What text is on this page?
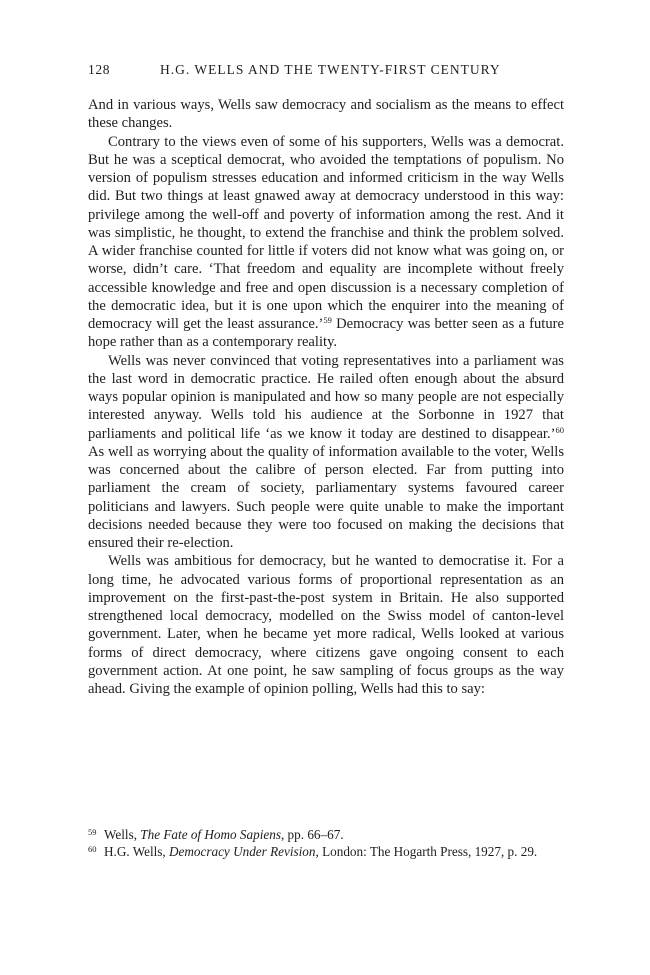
128	H.G. WELLS AND THE TWENTY-FIRST CENTURY

And in various ways, Wells saw democracy and socialism as the means to effect these changes.

Contrary to the views even of some of his supporters, Wells was a democrat. But he was a sceptical democrat, who avoided the temptations of populism. No version of populism stresses education and informed criticism in the way Wells did. But two things at least gnawed away at democracy understood in this way: privilege among the well-off and poverty of information among the rest. And it was simplistic, he thought, to extend the franchise and think the problem solved. A wider franchise counted for little if voters did not know what was going on, or worse, didn’t care. ‘That freedom and equality are incomplete without freely accessible knowledge and free and open discussion is a necessary completion of the democratic idea, but it is one upon which the enquirer into the meaning of democracy will get the least assurance.’$^{59}$ Democracy was better seen as a future hope rather than as a contemporary reality.

Wells was never convinced that voting representatives into a parliament was the last word in democratic practice. He railed often enough about the absurd ways popular opinion is manipulated and how so many people are not especially interested anyway. Wells told his audience at the Sorbonne in 1927 that parliaments and political life ‘as we know it today are destined to disappear.’$^{60}$ As well as worrying about the quality of information available to the voter, Wells was concerned about the calibre of person elected. Far from putting into parliament the cream of society, parliamentary systems favoured career politicians and lawyers. Such people were quite unable to make the important decisions needed because they were too focused on making the decisions that ensured their re-election.

Wells was ambitious for democracy, but he wanted to democratise it. For a long time, he advocated various forms of proportional representation as an improvement on the first-past-the-post system in Britain. He also supported strengthened local democracy, modelled on the Swiss model of canton-level government. Later, when he became yet more radical, Wells looked at various forms of direct democracy, where citizens gave ongoing consent to each government action. At one point, he saw sampling of focus groups as the way ahead. Giving the example of opinion polling, Wells had this to say:

59 Wells, The Fate of Homo Sapiens, pp. 66–67.
60 H.G. Wells, Democracy Under Revision, London: The Hogarth Press, 1927, p. 29.
